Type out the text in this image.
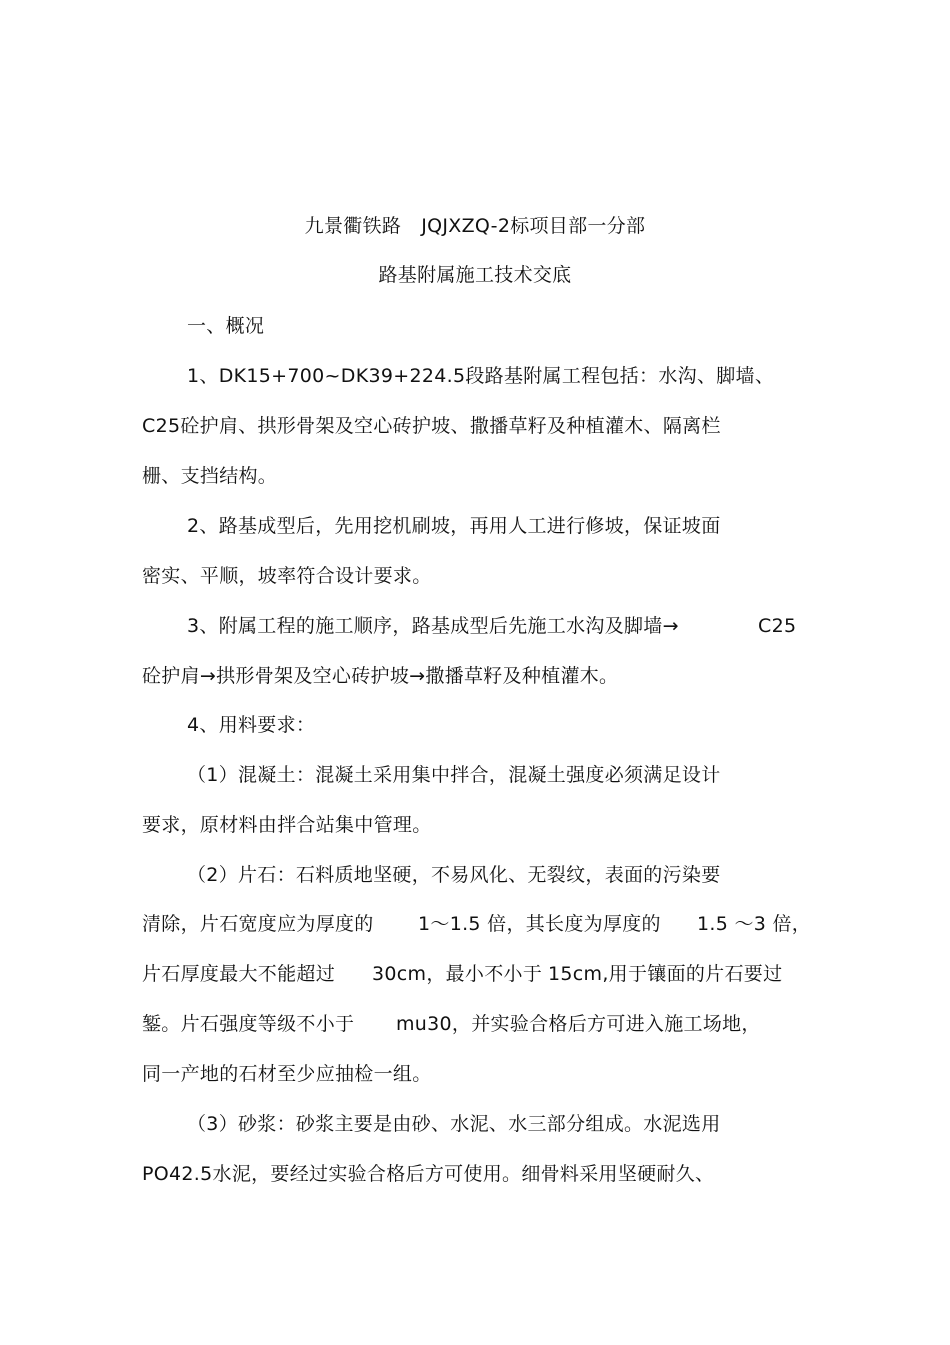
九景衢铁路 JQJXZQ-2标项目部一分部
路基附属施工技术交底
一、概况
1、DK15+700~DK39+224.5段路基附属工程包括：水沟、脚墙、
C25砼护肩、拱形骨架及空心砖护坡、撒播草籽及种植灌木、隔离栏
栅、支挡结构。
2、路基成型后，先用挖机刷坡，再用人工进行修坡，保证坡面
密实、平顺，坡率符合设计要求。
3、附属工程的施工顺序，路基成型后先施工水沟及脚墙→	C25
砼护肩→拱形骨架及空心砖护坡→撒播草籽及种植灌木。
4、用料要求：
（1）混凝土：混凝土采用集中拌合，混凝土强度必须满足设计
要求，原材料由拌合站集中管理。
（2）片石：石料质地坚硬，不易风化、无裂纹，表面的污染要
清除，片石宽度应为厚度的 1～1.5 倍，其长度为厚度的 1.5 ～3 倍，
片石厚度最大不能超过 30cm，最小不小于 15cm,用于镶面的片石要过
錾。片石强度等级不小于 mu30，并实验合格后方可进入施工场地，
同一产地的石材至少应抽检一组。
（3）砂浆：砂浆主要是由砂、水泥、水三部分组成。水泥选用
PO42.5水泥，要经过实验合格后方可使用。细骨料采用坚硬耐久、
